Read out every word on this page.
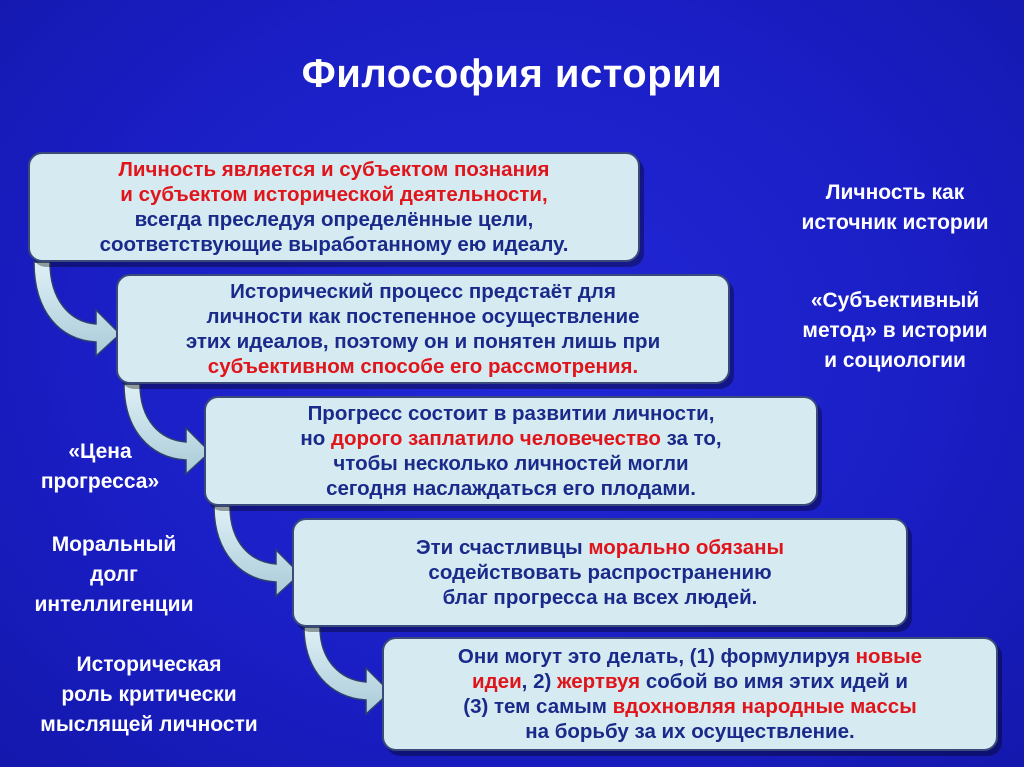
Философия истории
Личность является и субъектом познания
и субъектом исторической деятельности,
всегда преследуя определённые цели,
соответствующие выработанному ею идеалу.
Исторический процесс предстаёт для
личности как постепенное осуществление
этих идеалов, поэтому он и понятен лишь при
субъективном способе его рассмотрения.
Прогресс состоит в развитии личности,
но дорого заплатило человечество за то,
чтобы несколько личностей могли
сегодня наслаждаться его плодами.
Эти счастливцы морально обязаны
содействовать распространению
благ прогресса на всех людей.
Они могут это делать, (1) формулируя новые
идеи, 2) жертвуя собой во имя этих идей и
(3) тем самым вдохновляя народные массы
на борьбу за их осуществление.
Личность как
источник истории
«Субъективный
метод» в истории
и социологии
«Цена
прогресса»
Моральный
долг
интеллигенции
Историческая
роль критически
мыслящей личности
